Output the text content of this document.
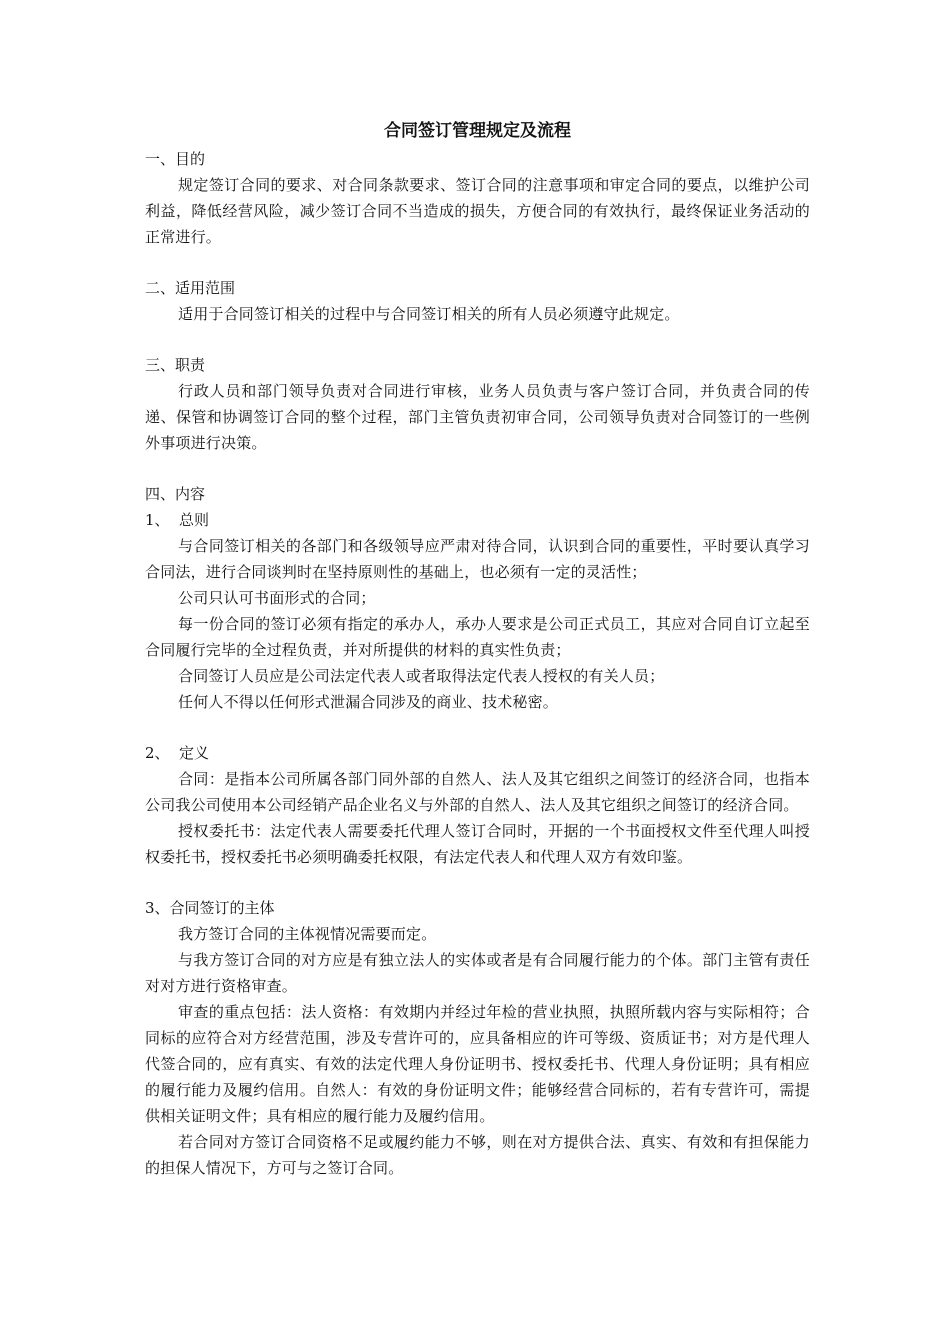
合同签订管理规定及流程
一、目的

规定签订合同的要求、对合同条款要求、签订合同的注意事项和审定合同的要点，以维护公司利益，降低经营风险，减少签订合同不当造成的损失，方便合同的有效执行，最终保证业务活动的正常进行。

二、适用范围

适用于合同签订相关的过程中与合同签订相关的所有人员必须遵守此规定。

三、职责

行政人员和部门领导负责对合同进行审核，业务人员负责与客户签订合同，并负责合同的传递、保管和协调签订合同的整个过程，部门主管负责初审合同，公司领导负责对合同签订的一些例外事项进行决策。

四、内容
1、 总则

与合同签订相关的各部门和各级领导应严肃对待合同，认识到合同的重要性，平时要认真学习合同法，进行合同谈判时在坚持原则性的基础上，也必须有一定的灵活性；

公司只认可书面形式的合同；

每一份合同的签订必须有指定的承办人，承办人要求是公司正式员工，其应对合同自订立起至合同履行完毕的全过程负责，并对所提供的材料的真实性负责；

合同签订人员应是公司法定代表人或者取得法定代表人授权的有关人员；

任何人不得以任何形式泄漏合同涉及的商业、技术秘密。

2、 定义

合同：是指本公司所属各部门同外部的自然人、法人及其它组织之间签订的经济合同，也指本公司我公司使用本公司经销产品企业名义与外部的自然人、法人及其它组织之间签订的经济合同。

授权委托书：法定代表人需要委托代理人签订合同时，开据的一个书面授权文件至代理人叫授权委托书，授权委托书必须明确委托权限，有法定代表人和代理人双方有效印鉴。

3、合同签订的主体

我方签订合同的主体视情况需要而定。

与我方签订合同的对方应是有独立法人的实体或者是有合同履行能力的个体。部门主管有责任对对方进行资格审查。

审查的重点包括：法人资格：有效期内并经过年检的营业执照，执照所载内容与实际相符；合同标的应符合对方经营范围，涉及专营许可的，应具备相应的许可等级、资质证书；对方是代理人代签合同的，应有真实、有效的法定代理人身份证明书、授权委托书、代理人身份证明；具有相应的履行能力及履约信用。自然人：有效的身份证明文件；能够经营合同标的，若有专营许可，需提供相关证明文件；具有相应的履行能力及履约信用。

若合同对方签订合同资格不足或履约能力不够，则在对方提供合法、真实、有效和有担保能力的担保人情况下，方可与之签订合同。
